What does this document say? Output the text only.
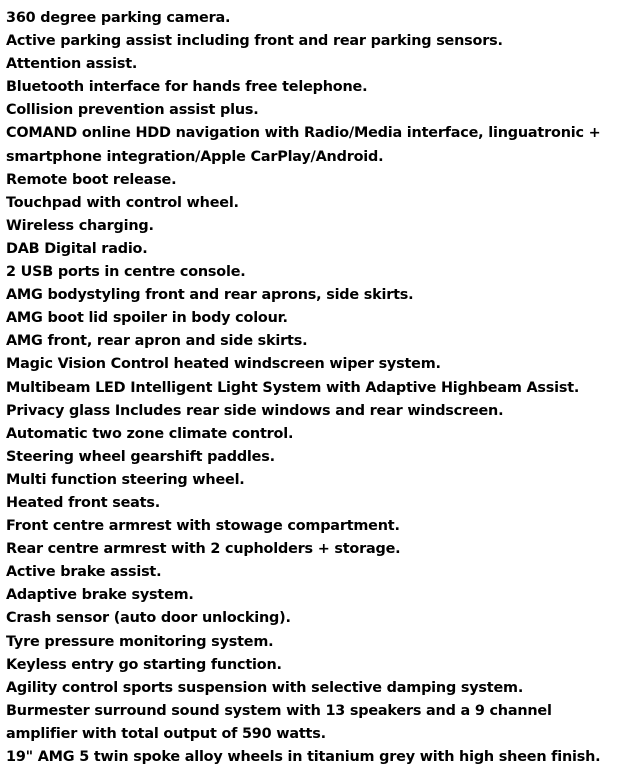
360 degree parking camera.
Active parking assist including front and rear parking sensors.
Attention assist.
Bluetooth interface for hands free telephone.
Collision prevention assist plus.
COMAND online HDD navigation with Radio/Media interface, linguatronic + smartphone integration/Apple CarPlay/Android.
Remote boot release.
Touchpad with control wheel.
Wireless charging.
DAB Digital radio.
2 USB ports in centre console.
AMG bodystyling front and rear aprons, side skirts.
AMG boot lid spoiler in body colour.
AMG front, rear apron and side skirts.
Magic Vision Control heated windscreen wiper system.
Multibeam LED Intelligent Light System with Adaptive Highbeam Assist.
Privacy glass Includes rear side windows and rear windscreen.
Automatic two zone climate control.
Steering wheel gearshift paddles.
Multi function steering wheel.
Heated front seats.
Front centre armrest with stowage compartment.
Rear centre armrest with 2 cupholders + storage.
Active brake assist.
Adaptive brake system.
Crash sensor (auto door unlocking).
Tyre pressure monitoring system.
Keyless entry go starting function.
Agility control sports suspension with selective damping system.
Burmester surround sound system with 13 speakers and a 9 channel amplifier with total output of 590 watts.
19" AMG 5 twin spoke alloy wheels in titanium grey with high sheen finish.
